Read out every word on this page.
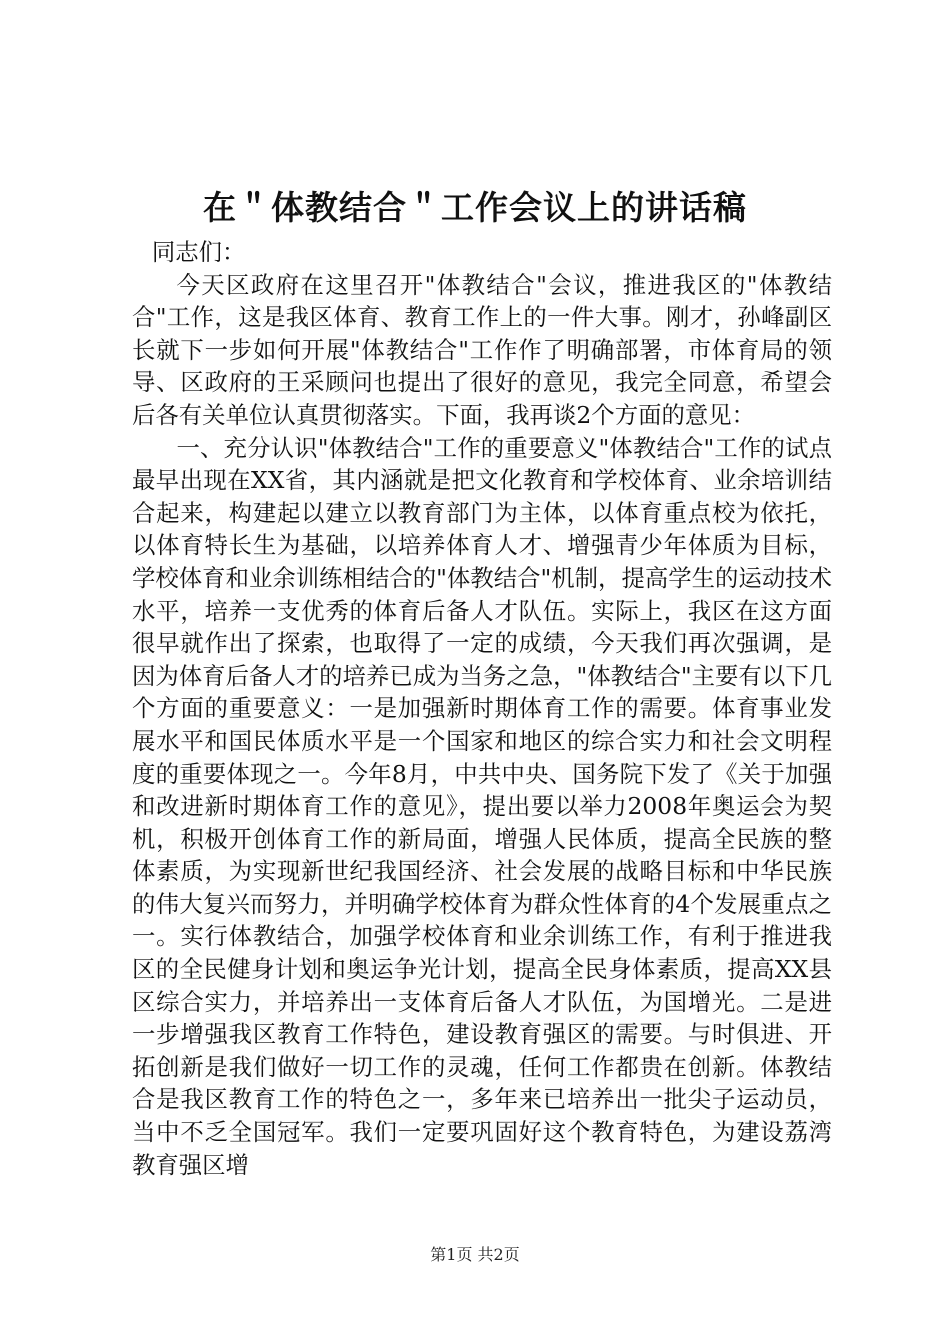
在＂体教结合＂工作会议上的讲话稿

同志们：

今天区政府在这里召开"体教结合"会议，推进我区的"体教结合"工作，这是我区体育、教育工作上的一件大事。刚才，孙峰副区长就下一步如何开展"体教结合"工作作了明确部署，市体育局的领导、区政府的王采顾问也提出了很好的意见，我完全同意，希望会后各有关单位认真贯彻落实。下面，我再谈2个方面的意见：

一、充分认识"体教结合"工作的重要意义"体教结合"工作的试点最早出现在XX省，其内涵就是把文化教育和学校体育、业余培训结合起来，构建起以建立以教育部门为主体，以体育重点校为依托，以体育特长生为基础，以培养体育人才、增强青少年体质为目标，学校体育和业余训练相结合的"体教结合"机制，提高学生的运动技术水平，培养一支优秀的体育后备人才队伍。实际上，我区在这方面很早就作出了探索，也取得了一定的成绩，今天我们再次强调，是因为体育后备人才的培养已成为当务之急，"体教结合"主要有以下几个方面的重要意义：一是加强新时期体育工作的需要。体育事业发展水平和国民体质水平是一个国家和地区的综合实力和社会文明程度的重要体现之一。今年8月，中共中央、国务院下发了《关于加强和改进新时期体育工作的意见》，提出要以举力2008年奥运会为契机，积极开创体育工作的新局面，增强人民体质，提高全民族的整体素质，为实现新世纪我国经济、社会发展的战略目标和中华民族的伟大复兴而努力，并明确学校体育为群众性体育的4个发展重点之一。实行体教结合，加强学校体育和业余训练工作，有利于推进我区的全民健身计划和奥运争光计划，提高全民身体素质，提高XX县区综合实力，并培养出一支体育后备人才队伍，为国增光。二是进一步增强我区教育工作特色，建设教育强区的需要。与时俱进、开拓创新是我们做好一切工作的灵魂，任何工作都贵在创新。体教结合是我区教育工作的特色之一，多年来已培养出一批尖子运动员，当中不乏全国冠军。我们一定要巩固好这个教育特色，为建设荔湾教育强区增

第1页 共2页
